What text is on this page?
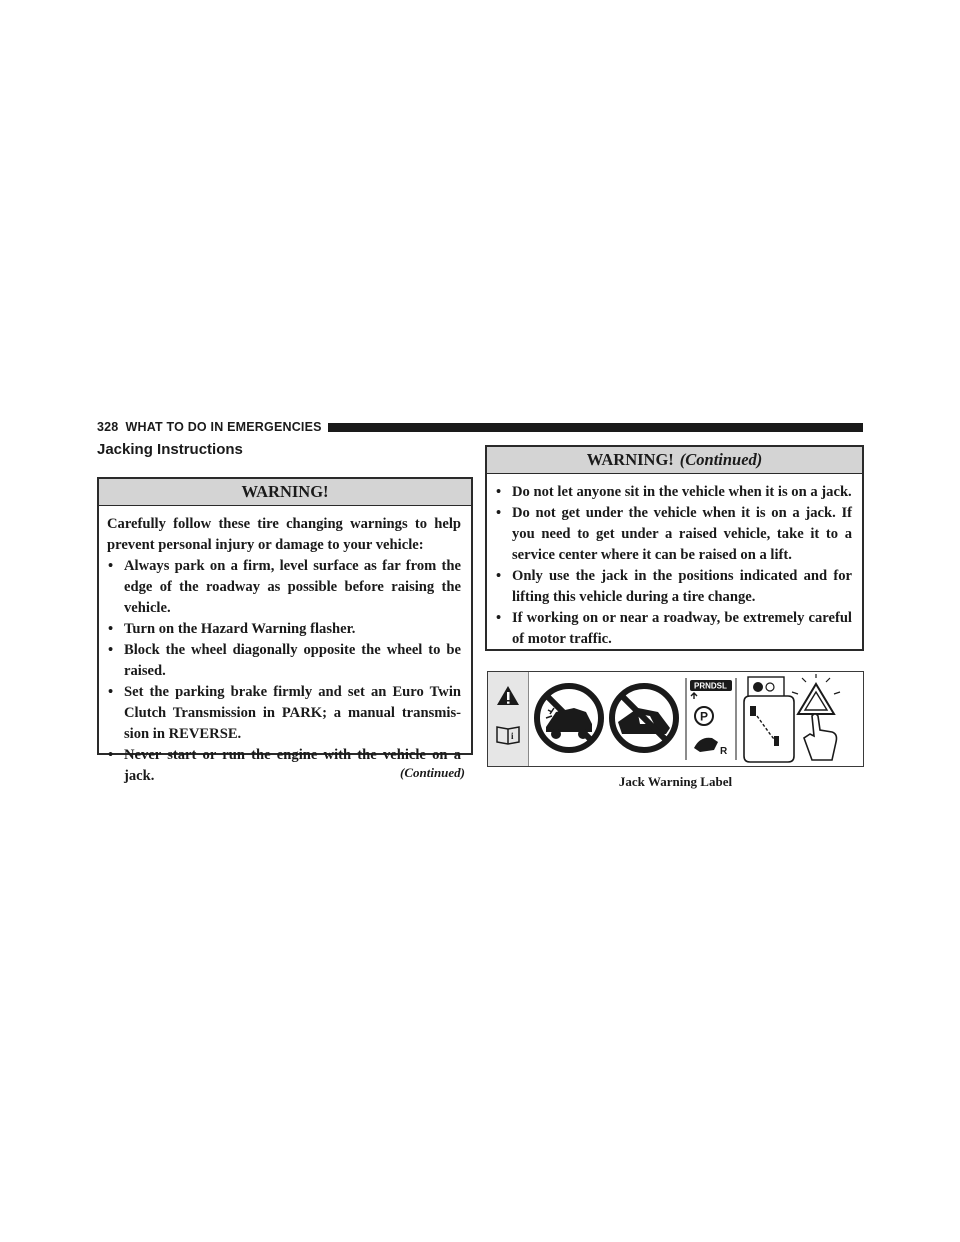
328 WHAT TO DO IN EMERGENCIES
Jacking Instructions
WARNING!

Carefully follow these tire changing warnings to help prevent personal injury or damage to your vehicle:

• Always park on a firm, level surface as far from the edge of the roadway as possible before raising the vehicle.
• Turn on the Hazard Warning flasher.
• Block the wheel diagonally opposite the wheel to be raised.
• Set the parking brake firmly and set an Euro Twin Clutch Transmission in PARK; a manual transmis-sion in REVERSE.
• Never start or run the engine with the vehicle on a jack.	(Continued)
WARNING! (Continued)
• Do not let anyone sit in the vehicle when it is on a jack.
• Do not get under the vehicle when it is on a jack. If you need to get under a raised vehicle, take it to a service center where it can be raised on a lift.
• Only use the jack in the positions indicated and for lifting this vehicle during a tire change.
• If working on or near a roadway, be extremely careful of motor traffic.
i
PRNDSL
P
R
Jack Warning Label
